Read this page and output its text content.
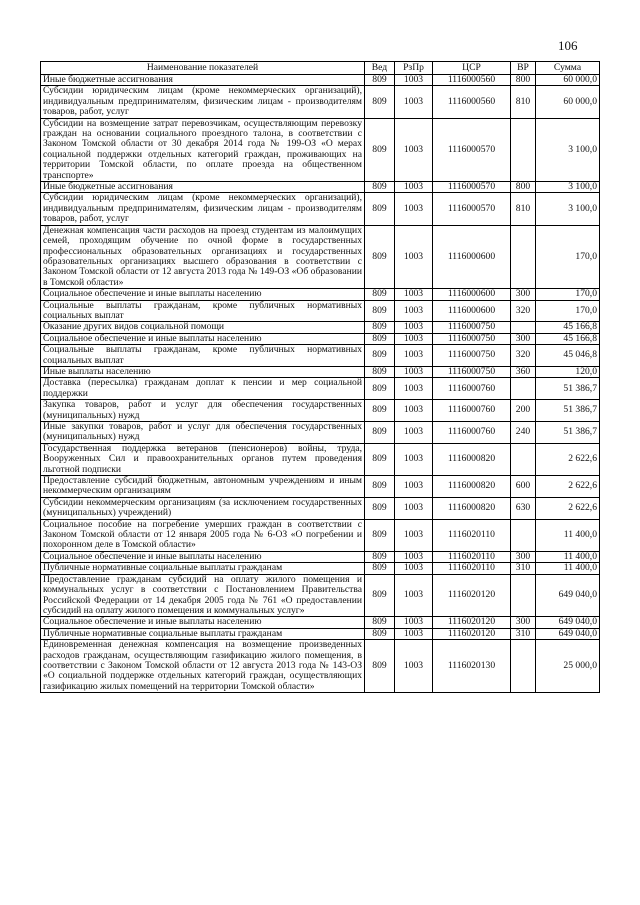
106
Наименование показателей	Вед	РзПр	ЦСР	ВР	Сумма
Иные бюджетные ассигнования	809	1003	1116000560	800	60 000,0
Субсидии юридическим лицам (кроме некоммерческих организаций), индивидуальным предпринимателям, физическим лицам - производителям товаров, работ, услуг	809	1003	1116000560	810	60 000,0
Субсидии на возмещение затрат перевозчикам, осуществляющим перевозку граждан на основании социального проездного талона, в соответствии с Законом Томской области от 30 декабря 2014 года № 199-ОЗ «О мерах социальной поддержки отдельных категорий граждан, проживающих на территории Томской области, по оплате проезда на общественном транспорте»	809	1003	1116000570		3 100,0
Иные бюджетные ассигнования	809	1003	1116000570	800	3 100,0
Субсидии юридическим лицам (кроме некоммерческих организаций), индивидуальным предпринимателям, физическим лицам - производителям товаров, работ, услуг	809	1003	1116000570	810	3 100,0
Денежная компенсация части расходов на проезд студентам из малоимущих семей, проходящим обучение по очной форме в государственных профессиональных образовательных организациях и государственных образовательных организациях высшего образования в соответствии с Законом Томской области от 12 августа 2013 года № 149-ОЗ «Об образовании в Томской области»	809	1003	1116000600		170,0
Социальное обеспечение и иные выплаты населению	809	1003	1116000600	300	170,0
Социальные выплаты гражданам, кроме публичных нормативных социальных выплат	809	1003	1116000600	320	170,0
Оказание других видов социальной помощи	809	1003	1116000750		45 166,8
Социальное обеспечение и иные выплаты населению	809	1003	1116000750	300	45 166,8
Социальные выплаты гражданам, кроме публичных нормативных социальных выплат	809	1003	1116000750	320	45 046,8
Иные выплаты населению	809	1003	1116000750	360	120,0
Доставка (пересылка) гражданам доплат к пенсии и мер социальной поддержки	809	1003	1116000760		51 386,7
Закупка товаров, работ и услуг для обеспечения государственных (муниципальных) нужд	809	1003	1116000760	200	51 386,7
Иные закупки товаров, работ и услуг для обеспечения государственных (муниципальных) нужд	809	1003	1116000760	240	51 386,7
Государственная поддержка ветеранов (пенсионеров) войны, труда, Вооруженных Сил и правоохранительных органов путем проведения льготной подписки	809	1003	1116000820		2 622,6
Предоставление субсидий бюджетным, автономным учреждениям и иным некоммерческим организациям	809	1003	1116000820	600	2 622,6
Субсидии некоммерческим организациям (за исключением государственных (муниципальных) учреждений)	809	1003	1116000820	630	2 622,6
Социальное пособие на погребение умерших граждан в соответствии с Законом Томской области от 12 января 2005 года № 6-ОЗ «О погребении и похоронном деле в Томской области»	809	1003	1116020110		11 400,0
Социальное обеспечение и иные выплаты населению	809	1003	1116020110	300	11 400,0
Публичные нормативные социальные выплаты гражданам	809	1003	1116020110	310	11 400,0
Предоставление гражданам субсидий на оплату жилого помещения и коммунальных услуг в соответствии с Постановлением Правительства Российской Федерации от 14 декабря 2005 года № 761 «О предоставлении субсидий на оплату жилого помещения и коммунальных услуг»	809	1003	1116020120		649 040,0
Социальное обеспечение и иные выплаты населению	809	1003	1116020120	300	649 040,0
Публичные нормативные социальные выплаты гражданам	809	1003	1116020120	310	649 040,0
Единовременная денежная компенсация на возмещение произведенных расходов гражданам, осуществляющим газификацию жилого помещения, в соответствии с Законом Томской области от 12 августа 2013 года № 143-ОЗ «О социальной поддержке отдельных категорий граждан, осуществляющих газификацию жилых помещений на территории Томской области»	809	1003	1116020130		25 000,0
